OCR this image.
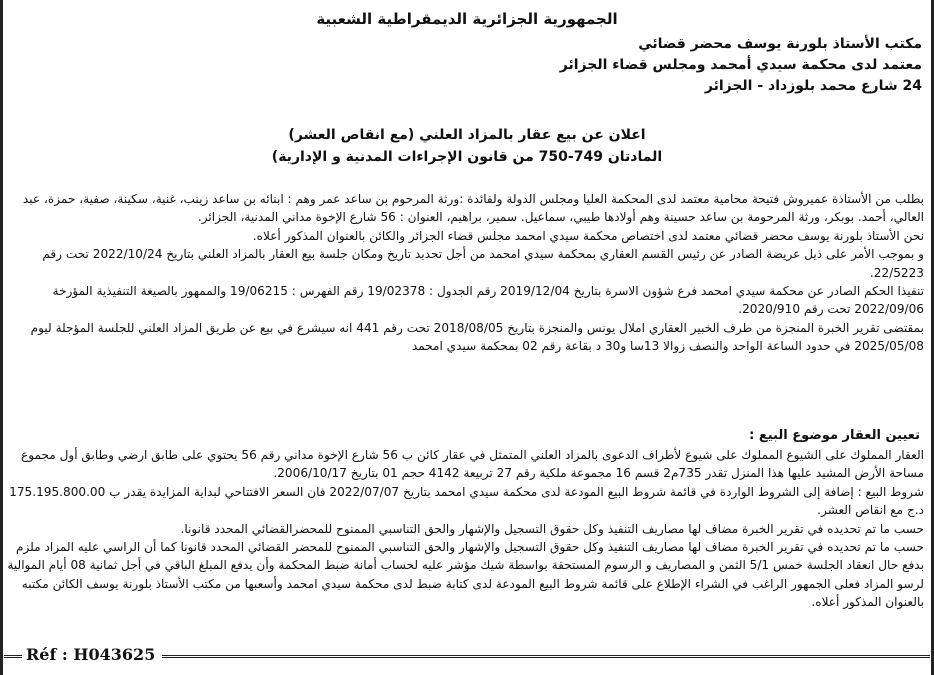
الجمهورية الجزائرية الديمقراطية الشعبية
مكتب الأستاذ بلورنة يوسف محضر قضائي
معتمد لدى محكمة سيدي أمحمد ومجلس قضاء الجزائر
24 شارع محمد بلوزداد - الجزائر
اعلان عن بيع عقار بالمزاد العلني (مع انقاص العشر)
المادتان 749-750 من قانون الإجراءات المدنية و الإدارية)

بطلب من الأستاذة عميروش فتيحة محامية معتمد لدى المحكمة العليا ومجلس الدولة ولفائدة :ورثة المرحوم بن ساعد عمر وهم : ابنائه بن ساعد زينب، غنية، سكينة، صفية، حمزة، عبد العالي، أحمد. بوبكر، ورثة المرحومة بن ساعد حسينة وهم أولادها طيبي، سماعيل. سمير، براهيم، العنوان : 56 شارع الإخوة مداني المدنية، الجزائر.

نحن الأستاذ بلورنة يوسف محضر قضائي معتمد لدى اختصاص محكمة سيدي امحمد مجلس قضاء الجزائر والكائن بالعنوان المذكور أعلاه.

و بموجب الأمر على ذيل عريضة الصادر عن رئيس القسم العقاري بمحكمة سيدي امحمد من أجل تحديد تاريخ ومكان جلسة بيع العقار بالمزاد العلني بتاريخ 2022/10/24 تحت رقم 22/5223.

تنفيذا الحكم الصادر عن محكمة سيدي امحمد فرع شؤون الاسرة بتاريخ 2019/12/04 رقم الجدول : 19/02378 رقم الفهرس : 19/06215 والممهور بالصيغة التنفيذية المؤرخة 2022/09/06 تحت رقم 2020/910.

بمقتضى تقرير الخبرة المنجزة من طرف الخبير العقاري املال يونس والمنجزة بتاريخ 2018/08/05 تحت رقم 441 انه سيشرع في بيع عن طريق المزاد العلني للجلسة المؤجلة ليوم 2025/05/08 في حدود الساعة الواحد والنصف زوالا 13سا و30 د بقاعة رقم 02 بمحكمة سيدي امحمد

تعيين العقار موضوع البيع :

العقار المملوك على الشيوع المملوك على شيوع لأطراف الدعوى بالمزاد العلني المتمثل في عقار كائن ب 56 شارع الإخوة مداني رقم 56 يحتوي على طابق ارضي وطابق أول مجموع مساحة الأرض المشيد عليها هذا المنزل تقدر 735م2 قسم 16 مجموعة ملكية رقم 27 تربيعة 4142 حجم 01 بتاريخ 2006/10/17.

شروط البيع : إضافة إلى الشروط الواردة في قائمة شروط البيع المودعة لدى محكمة سيدي امحمد بتاريخ 2022/07/07 فان السعر الافتتاحي لبداية المزايدة يقدر ب 175.195.800.00 د.ج مع انقاص العشر.

حسب ما تم تحديده في تقرير الخبرة مضاف لها مصاريف التنفيذ وكل حقوق التسجيل والإشهار والحق التناسبي الممنوح للمحضرالقضائي المحدد قانونا.

حسب ما تم تحديده في تقرير الخبرة مضاف لها مصاريف التنفيذ وكل حقوق التسجيل والإشهار والحق التناسبي الممنوح للمحضر القضائي المحدد قانونا كما أن الراسي عليه المزاد ملزم بدفع حال انعقاد الجلسة خمس 5/1 الثمن و المصاريف و الرسوم المستحقة بواسطة شيك مؤشر عليه لحساب أمانة ضبط المحكمة وأن يدفع المبلغ الباقي في أجل ثمانية 08 أيام الموالية لرسو المزاد فعلى الجمهور الراغب في الشراء الإطلاع على قائمة شروط البيع المودعة لدى كتابة ضبط لدى محكمة سيدي امحمد وأسعبها من مكتب الأستاذ بلورنة يوسف الكائن مكتبه بالعنوان المذكور أعلاه.

Réf : H043625
